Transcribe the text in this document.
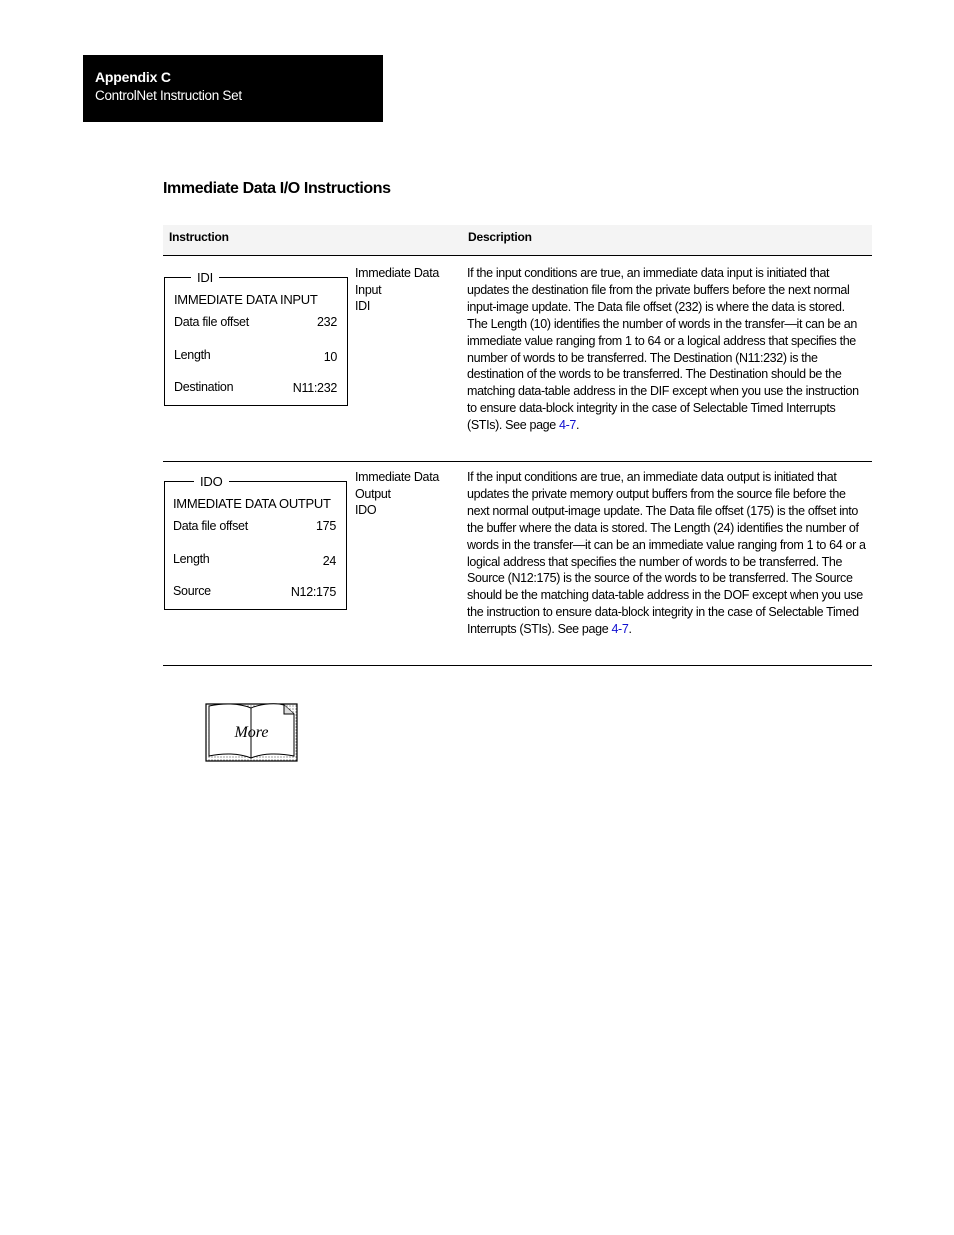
Appendix C
ControlNet Instruction Set
Immediate Data I/O Instructions
Instruction	Description
IDI
IMMEDIATE DATA INPUT
Data file offset	232
Length	10
Destination	N11:232
Immediate Data
Input
IDI
If the input conditions are true, an immediate data input is initiated that updates the destination file from the private buffers before the next normal input-image update. The Data file offset (232) is where the data is stored. The Length (10) identifies the number of words in the transfer—it can be an immediate value ranging from 1 to 64 or a logical address that specifies the number of words to be transferred. The Destination (N11:232) is the destination of the words to be transferred. The Destination should be the matching data-table address in the DIF except when you use the instruction to ensure data-block integrity in the case of Selectable Timed Interrupts (STIs). See page 4-7.
IDO
IMMEDIATE DATA OUTPUT
Data file offset	175
Length	24
Source	N12:175
Immediate Data
Output
IDO
If the input conditions are true, an immediate data output is initiated that updates the private memory output buffers from the source file before the next normal output-image update. The Data file offset (175) is the offset into the buffer where the data is stored. The Length (24) identifies the number of words in the transfer—it can be an immediate value ranging from 1 to 64 or a logical address that specifies the number of words to be transferred. The Source (N12:175) is the source of the words to be transferred. The Source should be the matching data-table address in the DOF except when you use the instruction to ensure data-block integrity in the case of Selectable Timed Interrupts (STIs). See page 4-7.
More
